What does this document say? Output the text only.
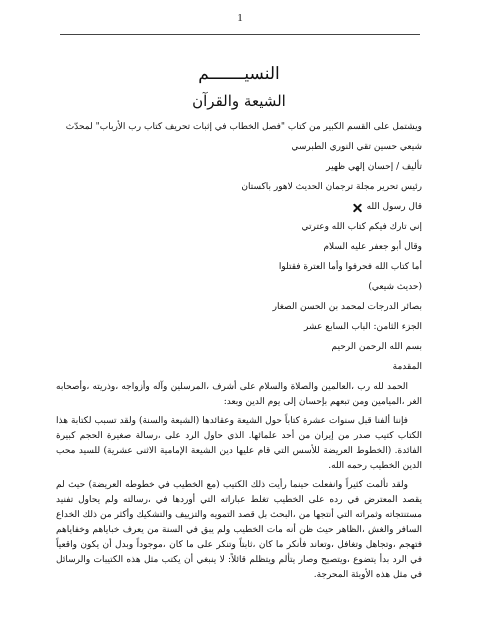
1
النسيـــــــم
الشيعة والقرآن
ويشتمل على القسم الكبير من كتاب "فصل الخطاب في إثبات تحريف كتاب رب الأرباب" لمحدّث
شيعي حسين تقي النوري الطبرسي
تأليف / إحسان إلهي ظهير
رئيس تحرير مجلة ترجمان الحديث لاهور باكستان
قال رسول الله
إني تارك فيكم كتاب الله وعترتي
وقال أبو جعفر عليه السلام
أما كتاب الله فحرفوا وأما العترة فقتلوا
(حديث شيعي)
بصائر الدرجات لمحمد بن الحسن الصغار
الجزء الثامن: الباب السابع عشر
بسم الله الرحمن الرحيم
المقدمة

الحمد لله رب ،العالمين والصلاة والسلام على أشرف ،المرسلين وآله وأزواجه ،وذريته ،وأصحابه الغر ،الميامين ومن تبعهم بإحسان إلى يوم الدين وبعد:

فإننا ألفنا قبل سنوات عشرة كتاباً حول الشيعة وعقائدها (الشيعة والسنة) ولقد تسبب لكتابة هذا الكتاب كتيب صدر من إيران من أحد علمائها. الذي حاول الرد على ،رسالة صغيرة الحجم كبيرة الفائدة. (الخطوط العريضة للأسس التي قام عليها دين الشيعة الإمامية الاثنى عشرية) للسيد محب الدين الخطيب رحمه الله.

ولقد تألمت كثيراً وانفعلت حينما رأيت ذلك الكتيب (مع الخطيب في خطوطه العريضة) حيث لم يقصد المعترض في رده على الخطيب تغلط عباراته التي أوردها في ،رسالته ولم يحاول تفنيد مستنتجاته وثمراته التي أنتجها من ،البحث بل قصد التمويه والتزييف والتشكيك وأكثر من ذلك الخداع السافر والغش ،الظاهر حيث ظن أنه مات الخطيب ولم يبق في السنة من يعرف خباياهم وخفاياهم فتهجم ،وتجاهل وتغافل ،وتعاند فأنكر ما كان ،ثابتاً وتنكر على ما كان ،موجوداً وبدل أن يكون واقعياً في الرد بدأ يتضوع ،ويتصيح وصار يتألم ويتظلم قائلاً: لا ينبغي أن يكتب مثل هذه الكتيبات والرسائل في مثل هذه الأوبئة المحرجة.
